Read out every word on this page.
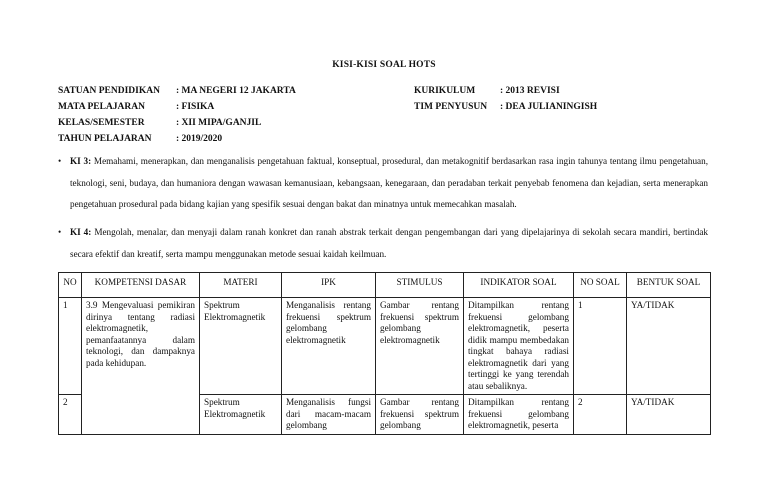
KISI-KISI SOAL HOTS
SATUAN PENDIDIKAN : MA NEGERI 12 JAKARTA	KURIKULUM	: 2013 REVISI
MATA PELAJARAN	: FISIKA	TIM PENYUSUN : DEA JULIANINGISH
KELAS/SEMESTER	: XII MIPA/GANJIL
TAHUN PELAJARAN	: 2019/2020
• KI 3: Memahami, menerapkan, dan menganalisis pengetahuan faktual, konseptual, prosedural, dan metakognitif berdasarkan rasa ingin tahunya tentang ilmu pengetahuan, teknologi, seni, budaya, dan humaniora dengan wawasan kemanusiaan, kebangsaan, kenegaraan, dan peradaban terkait penyebab fenomena dan kejadian, serta menerapkan pengetahuan prosedural pada bidang kajian yang spesifik sesuai dengan bakat dan minatnya untuk memecahkan masalah.
• KI 4: Mengolah, menalar, dan menyaji dalam ranah konkret dan ranah abstrak terkait dengan pengembangan dari yang dipelajarinya di sekolah secara mandiri, bertindak secara efektif dan kreatif, serta mampu menggunakan metode sesuai kaidah keilmuan.
NO	KOMPETENSI DASAR	MATERI	IPK	STIMULUS	INDIKATOR SOAL	NO SOAL	BENTUK SOAL
1	3.9 Mengevaluasi pemikiran dirinya tentang radiasi elektromagnetik, pemanfaatannya dalam teknologi, dan dampaknya pada kehidupan.	Spektrum Elektromagnetik	Menganalisis rentang frekuensi spektrum gelombang elektromagnetik	Gambar rentang frekuensi spektrum gelombang elektromagnetik	Ditampilkan rentang frekuensi gelombang elektromagnetik, peserta didik mampu membedakan tingkat bahaya radiasi elektromagnetik dari yang tertinggi ke yang terendah atau sebaliknya.	1	YA/TIDAK
2		Spektrum Elektromagnetik	Menganalisis fungsi dari macam-macam gelombang	Gambar rentang frekuensi spektrum gelombang	Ditampilkan rentang frekuensi gelombang elektromagnetik, peserta	2	YA/TIDAK
